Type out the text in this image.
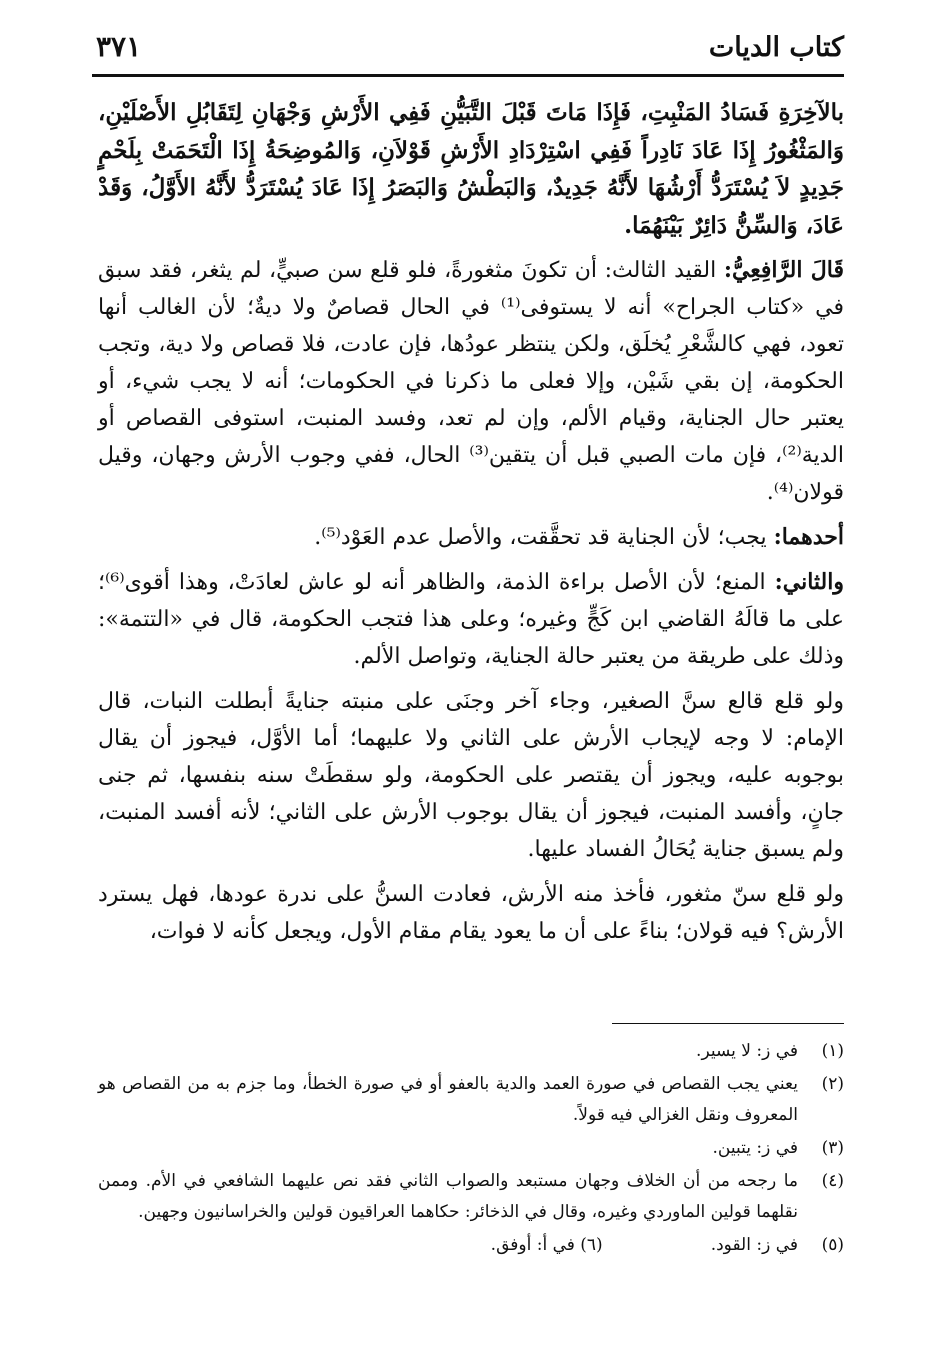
كتاب الديات
٣٧١

بالآخِرَةِ فَسَادُ المَنْبِتِ، فَإِذَا مَاتَ قَبْلَ التَّبَيُّنِ فَفِي الأَرْشِ وَجْهَانِ لِتَقَابُلِ الأَصْلَيْنِ، وَالمَثْغُورُ إِذَا عَادَ نَادِراً فَفِي اسْتِرْدَادِ الأَرْشِ قَوْلاَنِ، وَالمُوضِحَةُ إِذَا الْتَحَمَتْ بِلَحْمٍ جَدِيدٍ لاَ يُسْتَرَدُّ أَرْشُهَا لأَنَّهُ جَدِيدٌ، وَالبَطْشُ وَالبَصَرُ إِذَا عَادَ يُسْتَرَدُّ لأَنَّهُ الأَوَّلُ، وَقَدْ عَادَ، وَالسِّنُّ دَائِرٌ بَيْنَهُمَا.

قَالَ الرَّافِعِيُّ: القيد الثالث: أن تكونَ مثغورةً، فلو قلع سن صبيٍّ، لم يثغر، فقد سبق في «كتاب الجراح» أنه لا يستوفى⁽¹⁾ في الحال قصاصٌ ولا ديةٌ؛ لأن الغالب أنها تعود، فهي كالشَّعْرِ يُخلَق، ولكن ينتظر عودُها، فإن عادت، فلا قصاص ولا دية، وتجب الحكومة، إن بقي شَيْن، وإلا فعلى ما ذكرنا في الحكومات؛ أنه لا يجب شيء، أو يعتبر حال الجناية، وقيام الألم، وإن لم تعد، وفسد المنبت، استوفى القصاص أو الدية⁽²⁾، فإن مات الصبي قبل أن يتقين⁽³⁾ الحال، ففي وجوب الأرش وجهان، وقيل قولان⁽⁴⁾.

أحدهما: يجب؛ لأن الجناية قد تحقَّقت، والأصل عدم العَوْد⁽⁵⁾.

والثاني: المنع؛ لأن الأصل براءة الذمة، والظاهر أنه لو عاش لعادَتْ، وهذا أقوى⁽⁶⁾؛ على ما قالَهُ القاضي ابن كَجٍّ وغيره؛ وعلى هذا فتجب الحكومة، قال في «التتمة»: وذلك على طريقة من يعتبر حالة الجناية، وتواصل الألم.

ولو قلع قالع سنَّ الصغير، وجاء آخر وجنَى على منبته جنايةً أبطلت النبات، قال الإمام: لا وجه لإيجاب الأرش على الثاني ولا عليهما؛ أما الأوَّل، فيجوز أن يقال بوجوبه عليه، ويجوز أن يقتصر على الحكومة، ولو سقطَتْ سنه بنفسها، ثم جنى جانٍ، وأفسد المنبت، فيجوز أن يقال بوجوب الأرش على الثاني؛ لأنه أفسد المنبت، ولم يسبق جناية يُحَالُ الفساد عليها.

ولو قلع سنّ مثغور، فأخذ منه الأرش، فعادت السنُّ على ندرة عودها، فهل يسترد الأرش؟ فيه قولان؛ بناءً على أن ما يعود يقام مقام الأول، ويجعل كأنه لا فوات،

(١)
في ز: لا يسير.
(٢)
يعني يجب القصاص في صورة العمد والدية بالعفو أو في صورة الخطأ، وما جزم به من القصاص هو المعروف ونقل الغزالي فيه قولاً.
(٣)
في ز: يتبين.
(٤)
ما رجحه من أن الخلاف وجهان مستبعد والصواب الثاني فقد نص عليهما الشافعي في الأم. وممن نقلهما قولين الماوردي وغيره، وقال في الذخائر: حكاهما العراقيون قولين والخراسانيون وجهين.
(٥)
في ز: القود.(٦) في أ: أوفق.
